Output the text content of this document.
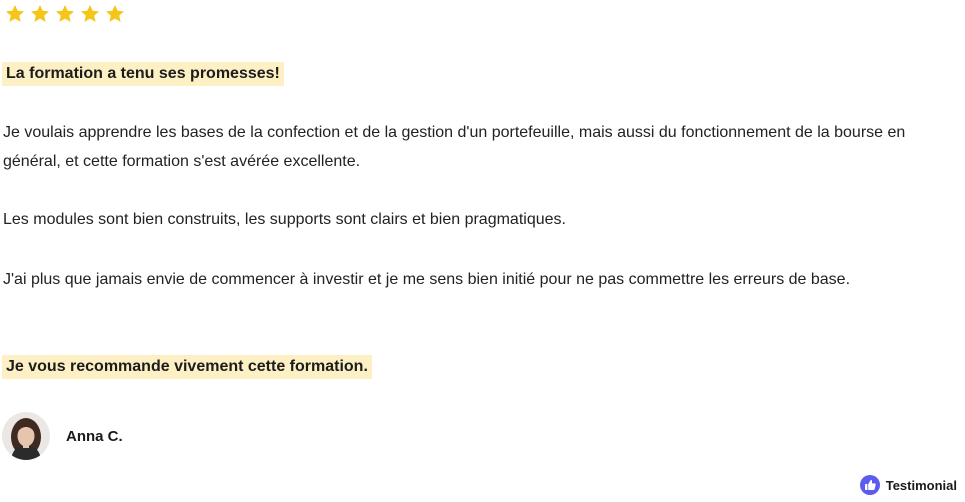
La formation a tenu ses promesses!

Je voulais apprendre les bases de la confection et de la gestion d'un portefeuille, mais aussi du fonctionnement de la bourse en général, et cette formation s'est avérée excellente.

Les modules sont bien construits, les supports sont clairs et bien pragmatiques.

J'ai plus que jamais envie de commencer à investir et je me sens bien initié pour ne pas commettre les erreurs de base.

Je vous recommande vivement cette formation.
Anna C.
Testimonial
